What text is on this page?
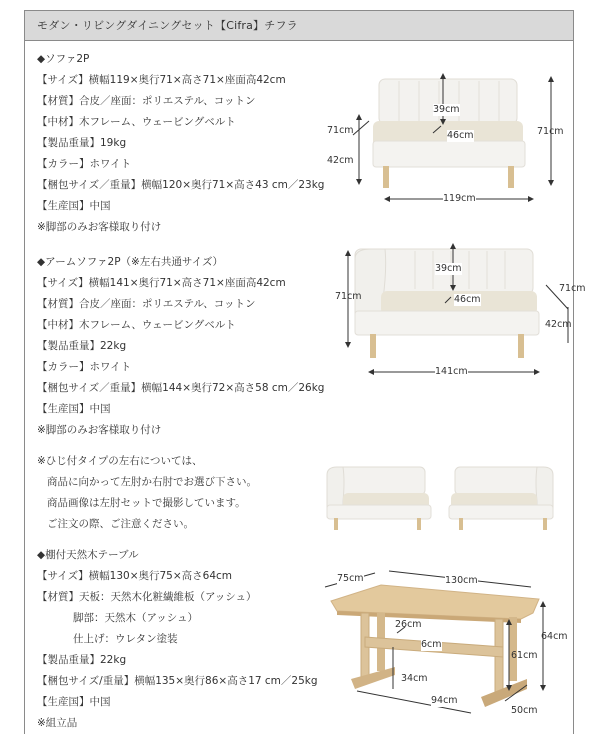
モダン・リビングダイニングセット【Cifra】チフラ
◆ソファ2P
【サイズ】横幅119×奥行71×高さ71×座面高42cm
【材質】合皮／座面：ポリエステル、コットン
【中材】木フレーム、ウェービングベルト
【製品重量】19kg
【カラー】ホワイト
【梱包サイズ／重量】横幅120×奥行71×高さ43 cm／23kg
【生産国】中国
※脚部のみお客様取り付け
39cm
46cm
71cm
42cm
71cm
119cm
◆アームソファ2P（※左右共通サイズ）
【サイズ】横幅141×奥行71×高さ71×座面高42cm
【材質】合皮／座面：ポリエステル、コットン
【中材】木フレーム、ウェービングベルト
【製品重量】22kg
【カラー】ホワイト
【梱包サイズ／重量】横幅144×奥行72×高さ58 cm／26kg
【生産国】中国
※脚部のみお客様取り付け
71cm
39cm
46cm
71cm
42cm
141cm
※ひじ付タイプの左右については、
商品に向かって左肘か右肘でお選び下さい。
商品画像は左肘セットで撮影しています。
ご注文の際、ご注意ください。
◆棚付天然木テーブル
【サイズ】横幅130×奥行75×高さ64cm
【材質】天板：天然木化粧繊維板（アッシュ）
脚部：天然木（アッシュ）
仕上げ：ウレタン塗装
【製品重量】22kg
【梱包サイズ/重量】横幅135×奥行86×高さ17 cm／25kg
【生産国】中国
※組立品
75cm	130cm
26cm
6cm
61cm
64cm
34cm
94cm
50cm
